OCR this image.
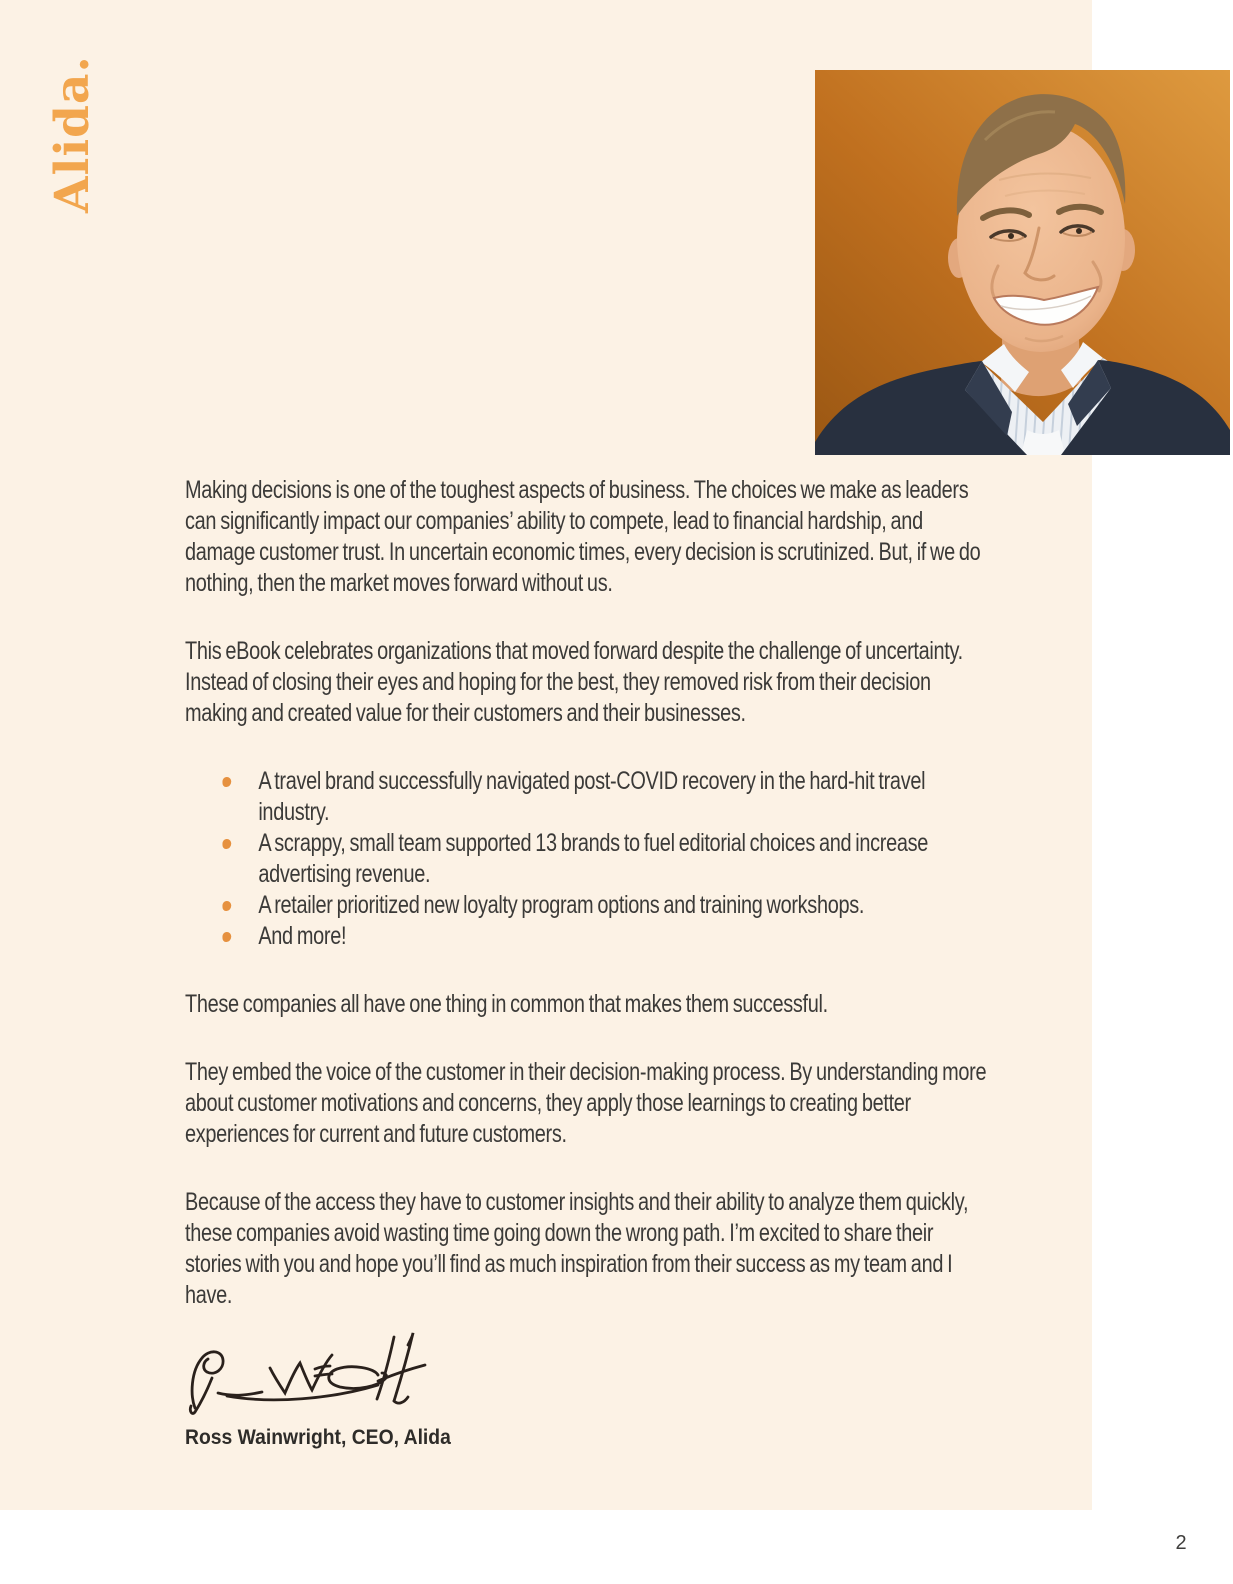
Alida.

Making decisions is one of the toughest aspects of business. The choices we make as leaders can significantly impact our companies’ ability to compete, lead to financial hardship, and damage customer trust. In uncertain economic times, every decision is scrutinized. But, if we do nothing, then the market moves forward without us.

This eBook celebrates organizations that moved forward despite the challenge of uncertainty. Instead of closing their eyes and hoping for the best, they removed risk from their decision making and created value for their customers and their businesses.

A travel brand successfully navigated post-COVID recovery in the hard-hit travel industry.
A scrappy, small team supported 13 brands to fuel editorial choices and increase advertising revenue.
A retailer prioritized new loyalty program options and training workshops.
And more!

These companies all have one thing in common that makes them successful.

They embed the voice of the customer in their decision-making process. By understanding more about customer motivations and concerns, they apply those learnings to creating better experiences for current and future customers.

Because of the access they have to customer insights and their ability to analyze them quickly, these companies avoid wasting time going down the wrong path. I’m excited to share their stories with you and hope you’ll find as much inspiration from their success as my team and I have.

Ross Wainwright, CEO, Alida
2
